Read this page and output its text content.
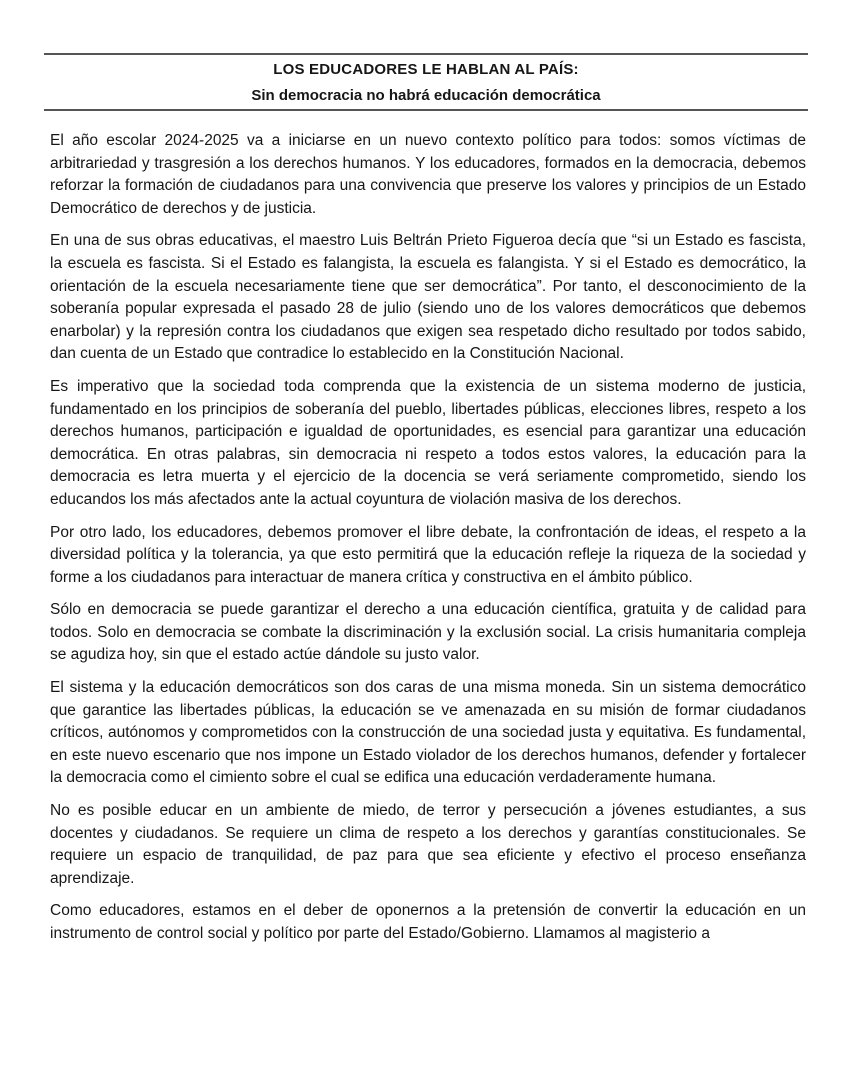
LOS EDUCADORES LE HABLAN AL PAÍS:
Sin democracia no habrá educación democrática

El año escolar 2024-2025 va a iniciarse en un nuevo contexto político para todos: somos víctimas de arbitrariedad y trasgresión a los derechos humanos. Y los educadores, formados en la democracia, debemos reforzar la formación de ciudadanos para una convivencia que preserve los valores y principios de un Estado Democrático de derechos y de justicia.

En una de sus obras educativas, el maestro Luis Beltrán Prieto Figueroa decía que “si un Estado es fascista, la escuela es fascista. Si el Estado es falangista, la escuela es falangista. Y si el Estado es democrático, la orientación de la escuela necesariamente tiene que ser democrática”. Por tanto, el desconocimiento de la soberanía popular expresada el pasado 28 de julio (siendo uno de los valores democráticos que debemos enarbolar) y la represión contra los ciudadanos que exigen sea respetado dicho resultado por todos sabido, dan cuenta de un Estado que contradice lo establecido en la Constitución Nacional.

Es imperativo que la sociedad toda comprenda que la existencia de un sistema moderno de justicia, fundamentado en los principios de soberanía del pueblo, libertades públicas, elecciones libres, respeto a los derechos humanos, participación e igualdad de oportunidades, es esencial para garantizar una educación democrática. En otras palabras, sin democracia ni respeto a todos estos valores, la educación para la democracia es letra muerta y el ejercicio de la docencia se verá seriamente comprometido, siendo los educandos los más afectados ante la actual coyuntura de violación masiva de los derechos.

Por otro lado, los educadores, debemos promover el libre debate, la confrontación de ideas, el respeto a la diversidad política y la tolerancia, ya que esto permitirá que la educación refleje la riqueza de la sociedad y forme a los ciudadanos para interactuar de manera crítica y constructiva en el ámbito público.

Sólo en democracia se puede garantizar el derecho a una educación científica, gratuita y de calidad para todos. Solo en democracia se combate la discriminación y la exclusión social. La crisis humanitaria compleja se agudiza hoy, sin que el estado actúe dándole su justo valor.

El sistema y la educación democráticos son dos caras de una misma moneda. Sin un sistema democrático que garantice las libertades públicas, la educación se ve amenazada en su misión de formar ciudadanos críticos, autónomos y comprometidos con la construcción de una sociedad justa y equitativa. Es fundamental, en este nuevo escenario que nos impone un Estado violador de los derechos humanos, defender y fortalecer la democracia como el cimiento sobre el cual se edifica una educación verdaderamente humana.

No es posible educar en un ambiente de miedo, de terror y persecución a jóvenes estudiantes, a sus docentes y ciudadanos. Se requiere un clima de respeto a los derechos y garantías constitucionales. Se requiere un espacio de tranquilidad, de paz para que sea eficiente y efectivo el proceso enseñanza aprendizaje.

Como educadores, estamos en el deber de oponernos a la pretensión de convertir la educación en un instrumento de control social y político por parte del Estado/Gobierno. Llamamos al magisterio a
